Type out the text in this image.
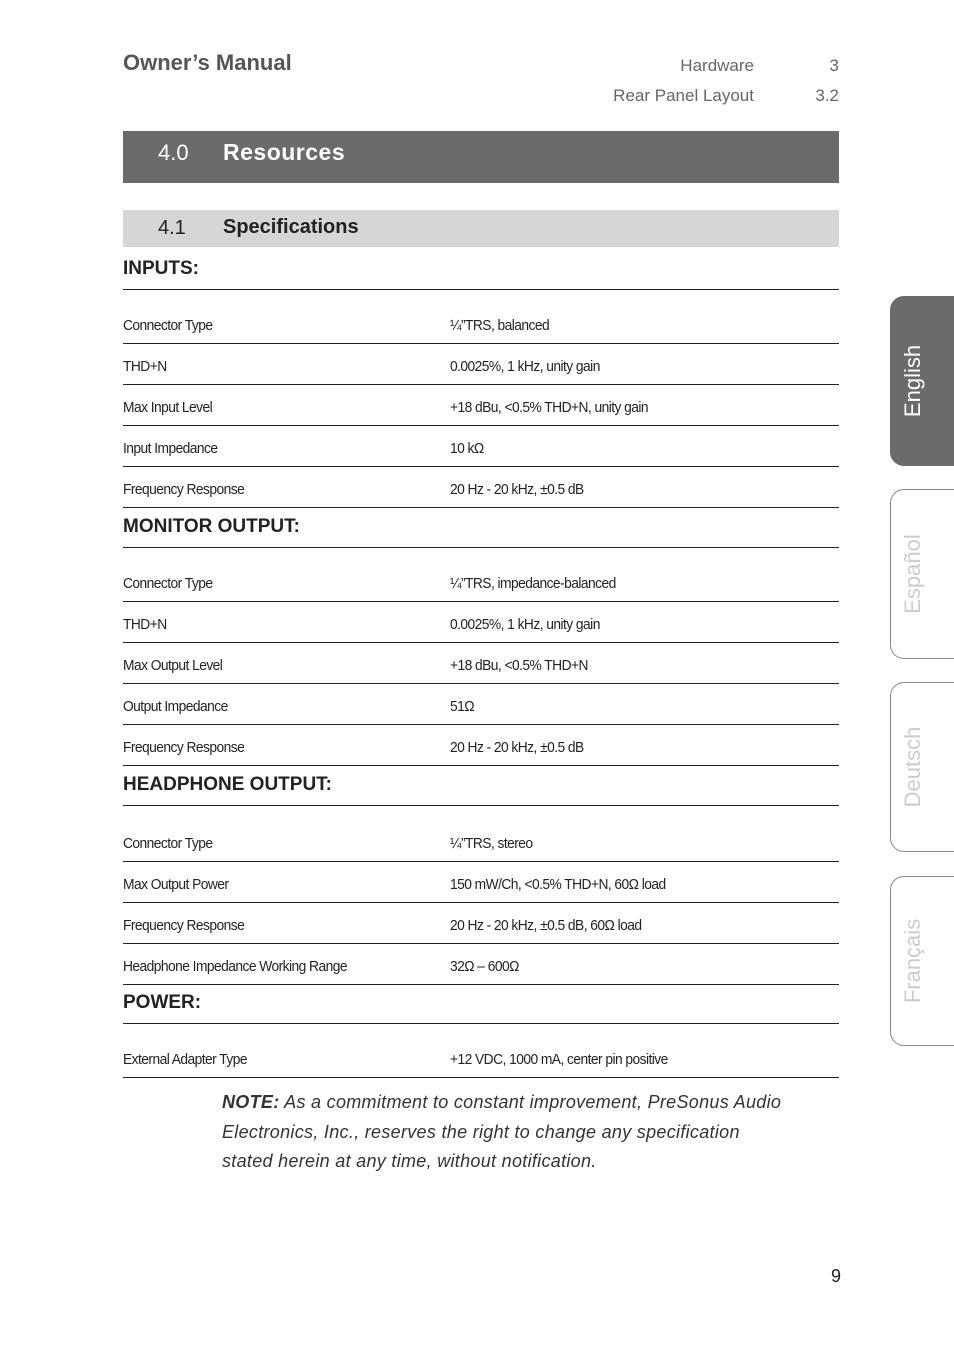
Owner’s Manual	Hardware	3
Rear Panel Layout	3.2
4.0 Resources
4.1 Specifications
INPUTS:
Connector Type	¼”TRS, balanced
THD+N	0.0025%, 1 kHz, unity gain
Max Input Level	+18 dBu, <0.5% THD+N, unity gain
Input Impedance	10 kΩ
Frequency Response	20 Hz - 20 kHz, ±0.5 dB
MONITOR OUTPUT:
Connector Type	¼”TRS, impedance-balanced
THD+N	0.0025%, 1 kHz, unity gain
Max Output Level	+18 dBu, <0.5% THD+N
Output Impedance	51Ω
Frequency Response	20 Hz - 20 kHz, ±0.5 dB
HEADPHONE OUTPUT:
Connector Type	¼”TRS, stereo
Max Output Power	150 mW/Ch, <0.5% THD+N, 60Ω load
Frequency Response	20 Hz - 20 kHz, ±0.5 dB, 60Ω load
Headphone Impedance Working Range	32Ω – 600Ω
POWER:
External Adapter Type	+12 VDC, 1000 mA, center pin positive
NOTE: As a commitment to constant improvement, PreSonus Audio Electronics, Inc., reserves the right to change any specification stated herein at any time, without notification.
9
English
Español
Deutsch
Français
